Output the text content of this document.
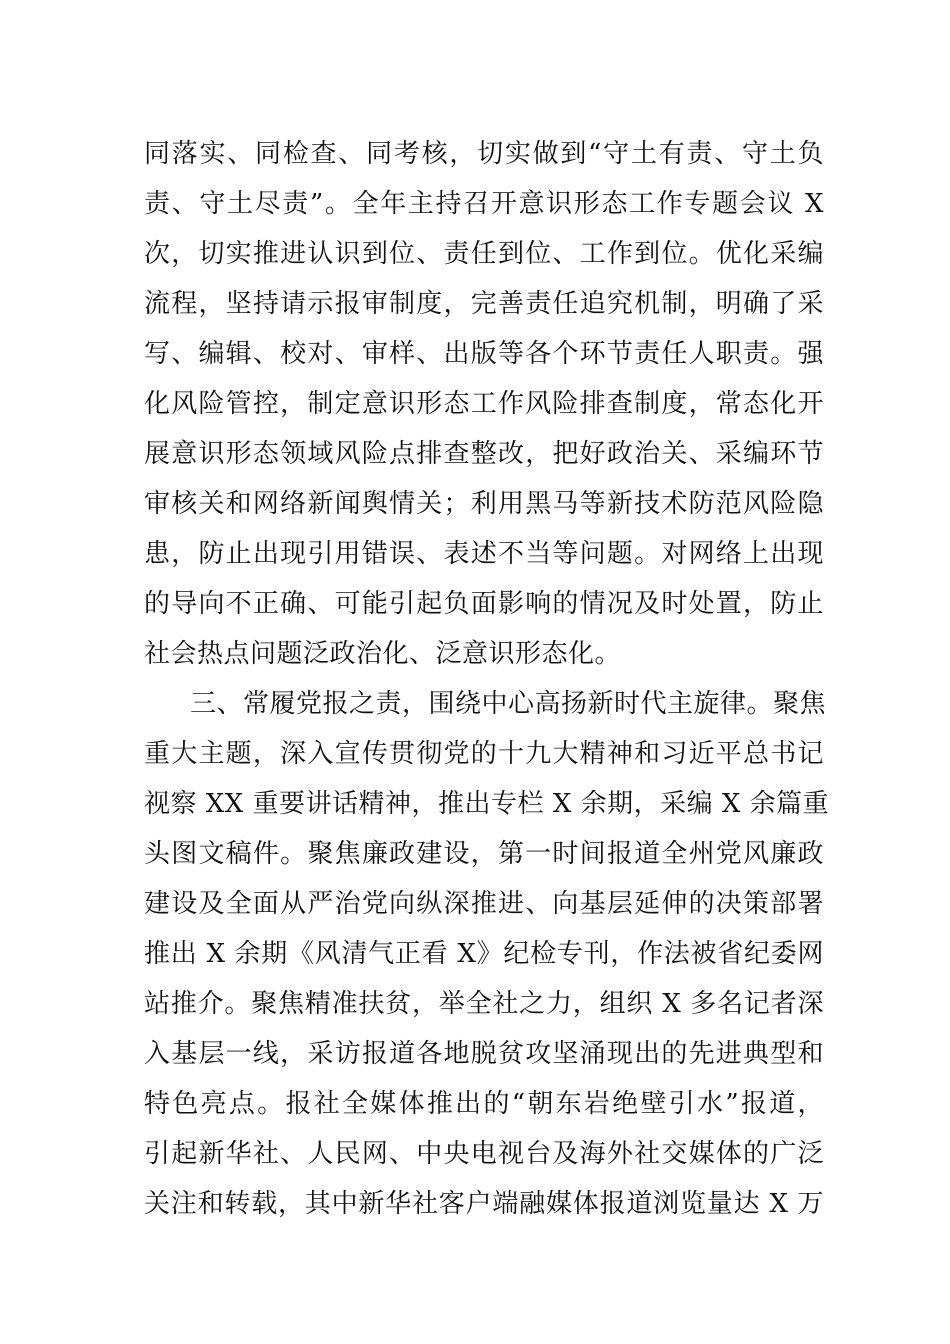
同落实、同检查、同考核，切实做到“守土有责、守土负
责、守土尽责”。全年主持召开意识形态工作专题会议 X
次，切实推进认识到位、责任到位、工作到位。优化采编
流程，坚持请示报审制度，完善责任追究机制，明确了采
写、编辑、校对、审样、出版等各个环节责任人职责。强
化风险管控，制定意识形态工作风险排查制度，常态化开
展意识形态领域风险点排查整改，把好政治关、采编环节
审核关和网络新闻舆情关；利用黑马等新技术防范风险隐
患，防止出现引用错误、表述不当等问题。对网络上出现
的导向不正确、可能引起负面影响的情况及时处置，防止
社会热点问题泛政治化、泛意识形态化。
三、常履党报之责，围绕中心高扬新时代主旋律。聚焦
重大主题，深入宣传贯彻党的十九大精神和习近平总书记
视察 XX 重要讲话精神，推出专栏 X 余期，采编 X 余篇重
头图文稿件。聚焦廉政建设，第一时间报道全州党风廉政
建设及全面从严治党向纵深推进、向基层延伸的决策部署
推出 X 余期《风清气正看 X》纪检专刊，作法被省纪委网
站推介。聚焦精准扶贫，举全社之力，组织 X 多名记者深
入基层一线，采访报道各地脱贫攻坚涌现出的先进典型和
特色亮点。报社全媒体推出的“朝东岩绝壁引水”报道，
引起新华社、人民网、中央电视台及海外社交媒体的广泛
关注和转载，其中新华社客户端融媒体报道浏览量达 X 万
